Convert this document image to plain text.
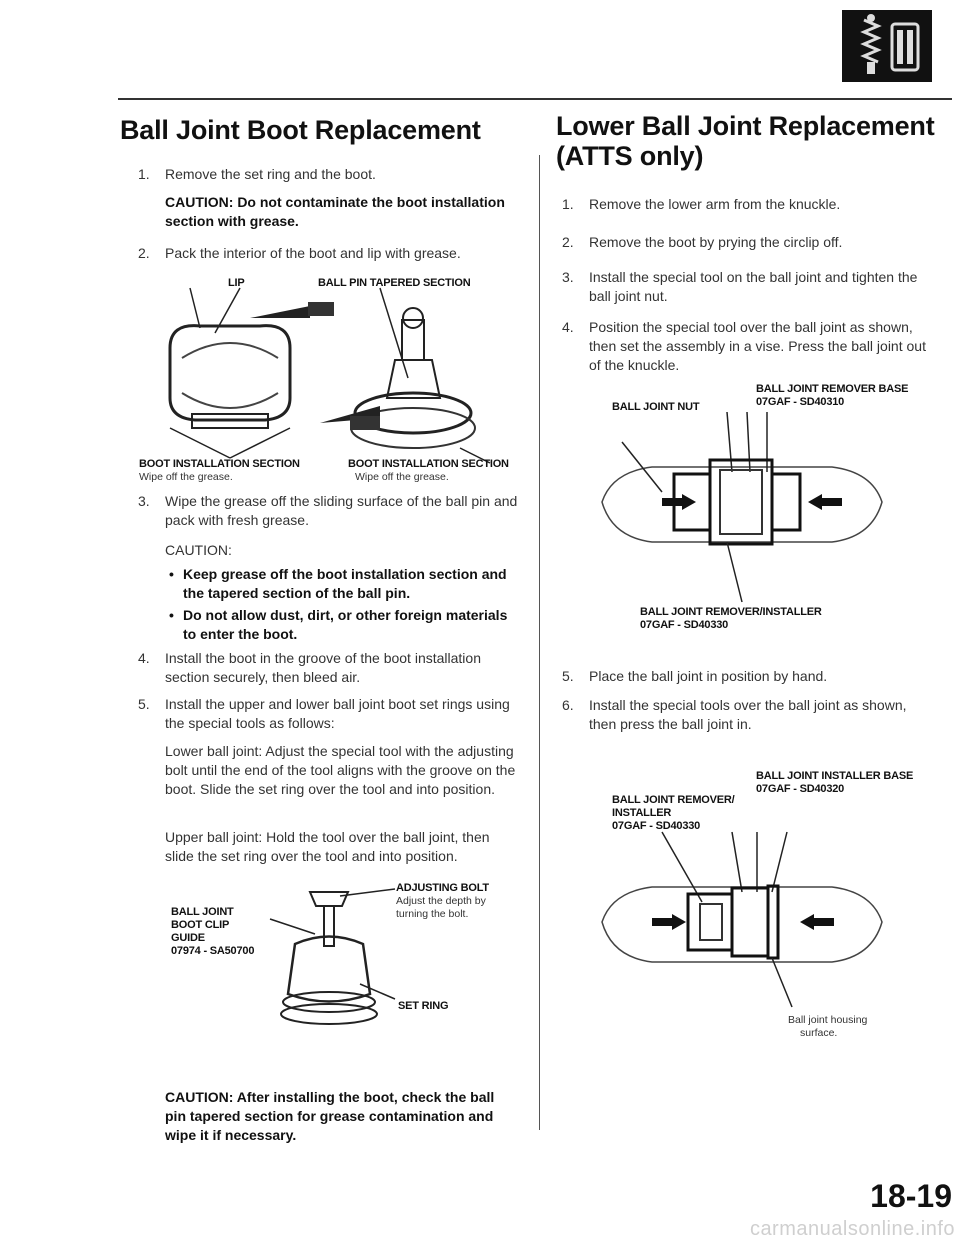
Ball Joint Boot Replacement
1.	Remove the set ring and the boot.
CAUTION: Do not contaminate the boot installation section with grease.
2.	Pack the interior of the boot and lip with grease.
LIP	BALL PIN TAPERED SECTION
BOOT INSTALLATION SECTION
Wipe off the grease.
BOOT INSTALLATION SECTION
Wipe off the grease.
3.	Wipe the grease off the sliding surface of the ball pin and pack with fresh grease.
CAUTION:
• Keep grease off the boot installation section and the tapered section of the ball pin.
• Do not allow dust, dirt, or other foreign materials to enter the boot.
4.	Install the boot in the groove of the boot installation section securely, then bleed air.
5.	Install the upper and lower ball joint boot set rings using the special tools as follows:
Lower ball joint: Adjust the special tool with the adjusting bolt until the end of the tool aligns with the groove on the boot. Slide the set ring over the tool and into position.
Upper ball joint: Hold the tool over the ball joint, then slide the set ring over the tool and into position.
BALL JOINT
BOOT CLIP
GUIDE
07974 - SA50700
ADJUSTING BOLT
Adjust the depth by
turning the bolt.
SET RING
CAUTION: After installing the boot, check the ball pin tapered section for grease contamination and wipe it if necessary.
Lower Ball Joint Replacement
(ATTS only)
1.	Remove the lower arm from the knuckle.
2.	Remove the boot by prying the circlip off.
3.	Install the special tool on the ball joint and tighten the ball joint nut.
4.	Position the special tool over the ball joint as shown, then set the assembly in a vise. Press the ball joint out of the knuckle.
BALL JOINT REMOVER BASE
07GAF - SD40310
BALL JOINT NUT
BALL JOINT REMOVER/INSTALLER
07GAF - SD40330
5.	Place the ball joint in position by hand.
6.	Install the special tools over the ball joint as shown, then press the ball joint in.
BALL JOINT INSTALLER BASE
07GAF - SD40320
BALL JOINT REMOVER/
INSTALLER
07GAF - SD40330
Ball joint housing
surface.
18-19
carmanualsonline.info
